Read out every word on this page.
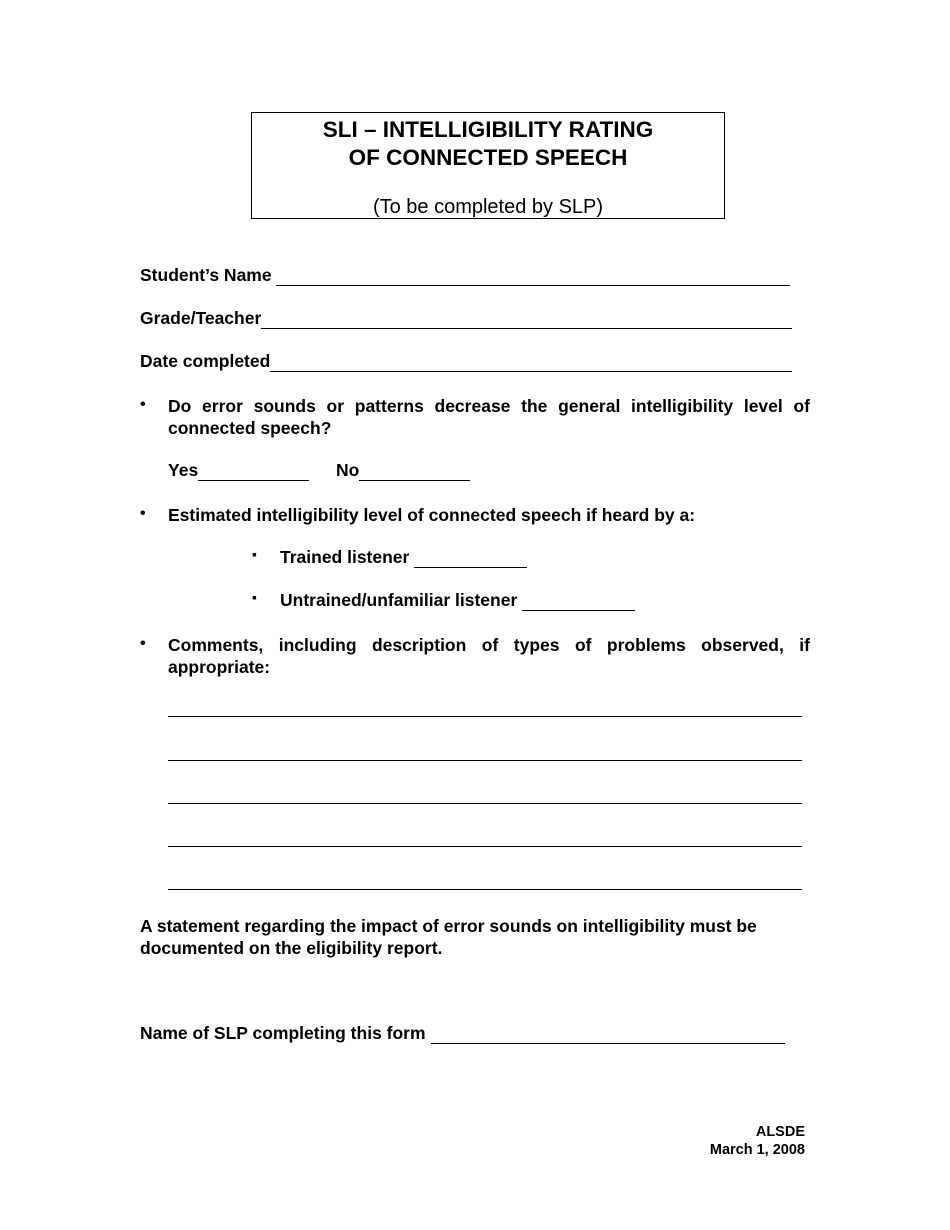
SLI – INTELLIGIBILITY RATING
OF CONNECTED SPEECH
(To be completed by SLP)
Student’s Name
Grade/Teacher
Date completed
• Do error sounds or patterns decrease the general intelligibility level of connected speech?
Yes	No
• Estimated intelligibility level of connected speech if heard by a:
▪ Trained listener
▪ Untrained/unfamiliar listener
• Comments, including description of types of problems observed, if appropriate:
A statement regarding the impact of error sounds on intelligibility must be documented on the eligibility report.
Name of SLP completing this form
ALSDE
March 1, 2008
